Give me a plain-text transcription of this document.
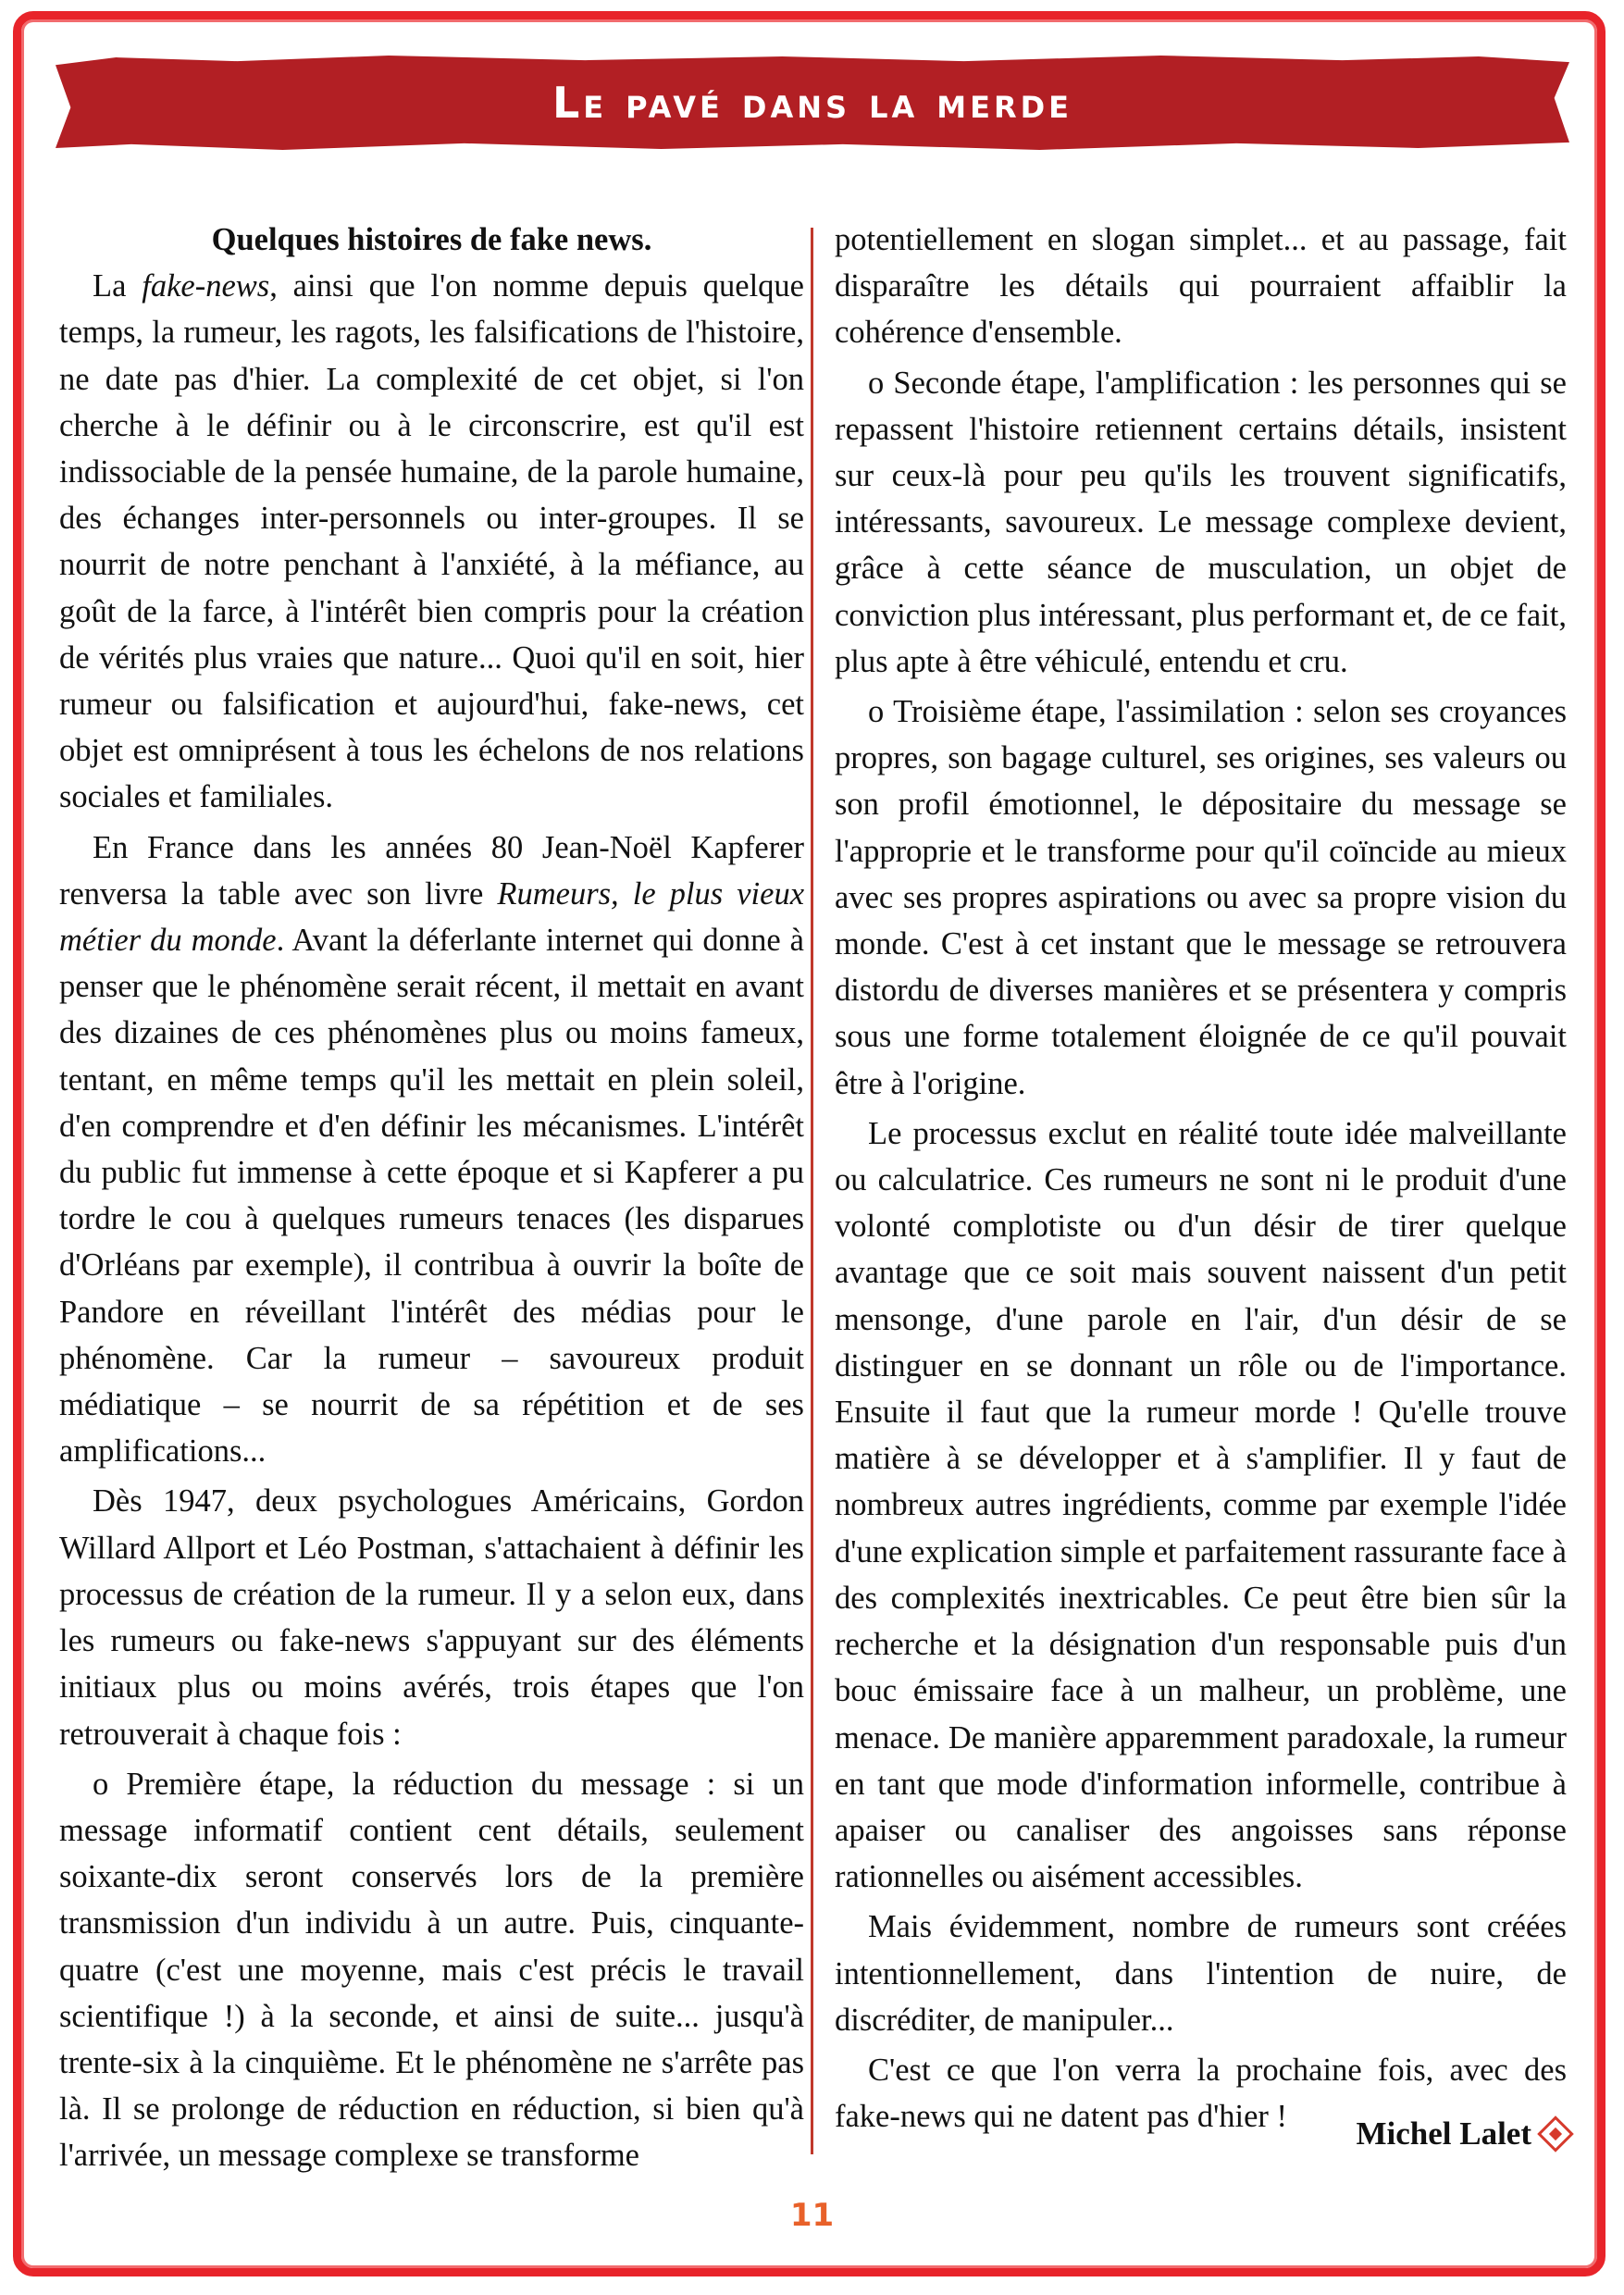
Le pavé dans la merde
Quelques histoires de fake news.

La fake-news, ainsi que l'on nomme depuis quelque temps, la rumeur, les ragots, les falsifications de l'histoire, ne date pas d'hier. La complexité de cet objet, si l'on cherche à le définir ou à le circonscrire, est qu'il est indissociable de la pensée humaine, de la parole humaine, des échanges inter-personnels ou inter-groupes. Il se nourrit de notre penchant à l'anxiété, à la méfiance, au goût de la farce, à l'intérêt bien compris pour la création de vérités plus vraies que nature... Quoi qu'il en soit, hier rumeur ou falsification et aujourd'hui, fake-news, cet objet est omniprésent à tous les échelons de nos relations sociales et familiales.

En France dans les années 80 Jean-Noël Kapferer renversa la table avec son livre Rumeurs, le plus vieux métier du monde. Avant la déferlante internet qui donne à penser que le phénomène serait récent, il mettait en avant des dizaines de ces phénomènes plus ou moins fameux, tentant, en même temps qu'il les mettait en plein soleil, d'en comprendre et d'en définir les mécanismes. L'intérêt du public fut immense à cette époque et si Kapferer a pu tordre le cou à quelques rumeurs tenaces (les disparues d'Orléans par exemple), il contribua à ouvrir la boîte de Pandore en réveillant l'intérêt des médias pour le phénomène. Car la rumeur – savoureux produit médiatique – se nourrit de sa répétition et de ses amplifications...

Dès 1947, deux psychologues Américains, Gordon Willard Allport et Léo Postman, s'attachaient à définir les processus de création de la rumeur. Il y a selon eux, dans les rumeurs ou fake-news s'appuyant sur des éléments initiaux plus ou moins avérés, trois étapes que l'on retrouverait à chaque fois :

o Première étape, la réduction du message : si un message informatif contient cent détails, seulement soixante-dix seront conservés lors de la première transmission d'un individu à un autre. Puis, cinquante-quatre (c'est une moyenne, mais c'est précis le travail scientifique !) à la seconde, et ainsi de suite... jusqu'à trente-six à la cinquième. Et le phénomène ne s'arrête pas là. Il se prolonge de réduction en réduction, si bien qu'à l'arrivée, un message complexe se transforme

potentiellement en slogan simplet... et au passage, fait disparaître les détails qui pourraient affaiblir la cohérence d'ensemble.

o Seconde étape, l'amplification : les personnes qui se repassent l'histoire retiennent certains détails, insistent sur ceux-là pour peu qu'ils les trouvent significatifs, intéressants, savoureux. Le message complexe devient, grâce à cette séance de musculation, un objet de conviction plus intéressant, plus performant et, de ce fait, plus apte à être véhiculé, entendu et cru.

o Troisième étape, l'assimilation : selon ses croyances propres, son bagage culturel, ses origines, ses valeurs ou son profil émotionnel, le dépositaire du message se l'approprie et le transforme pour qu'il coïncide au mieux avec ses propres aspirations ou avec sa propre vision du monde. C'est à cet instant que le message se retrouvera distordu de diverses manières et se présentera y compris sous une forme totalement éloignée de ce qu'il pouvait être à l'origine.

Le processus exclut en réalité toute idée malveillante ou calculatrice. Ces rumeurs ne sont ni le produit d'une volonté complotiste ou d'un désir de tirer quelque avantage que ce soit mais souvent naissent d'un petit mensonge, d'une parole en l'air, d'un désir de se distinguer en se donnant un rôle ou de l'importance. Ensuite il faut que la rumeur morde ! Qu'elle trouve matière à se développer et à s'amplifier. Il y faut de nombreux autres ingrédients, comme par exemple l'idée d'une explication simple et parfaitement rassurante face à des complexités inextricables. Ce peut être bien sûr la recherche et la désignation d'un responsable puis d'un bouc émissaire face à un malheur, un problème, une menace. De manière apparemment paradoxale, la rumeur en tant que mode d'information informelle, contribue à apaiser ou canaliser des angoisses sans réponse rationnelles ou aisément accessibles.

Mais évidemment, nombre de rumeurs sont créées intentionnellement, dans l'intention de nuire, de discréditer, de manipuler...

C'est ce que l'on verra la prochaine fois, avec des fake-news qui ne datent pas d'hier !	Michel Lalet
11
